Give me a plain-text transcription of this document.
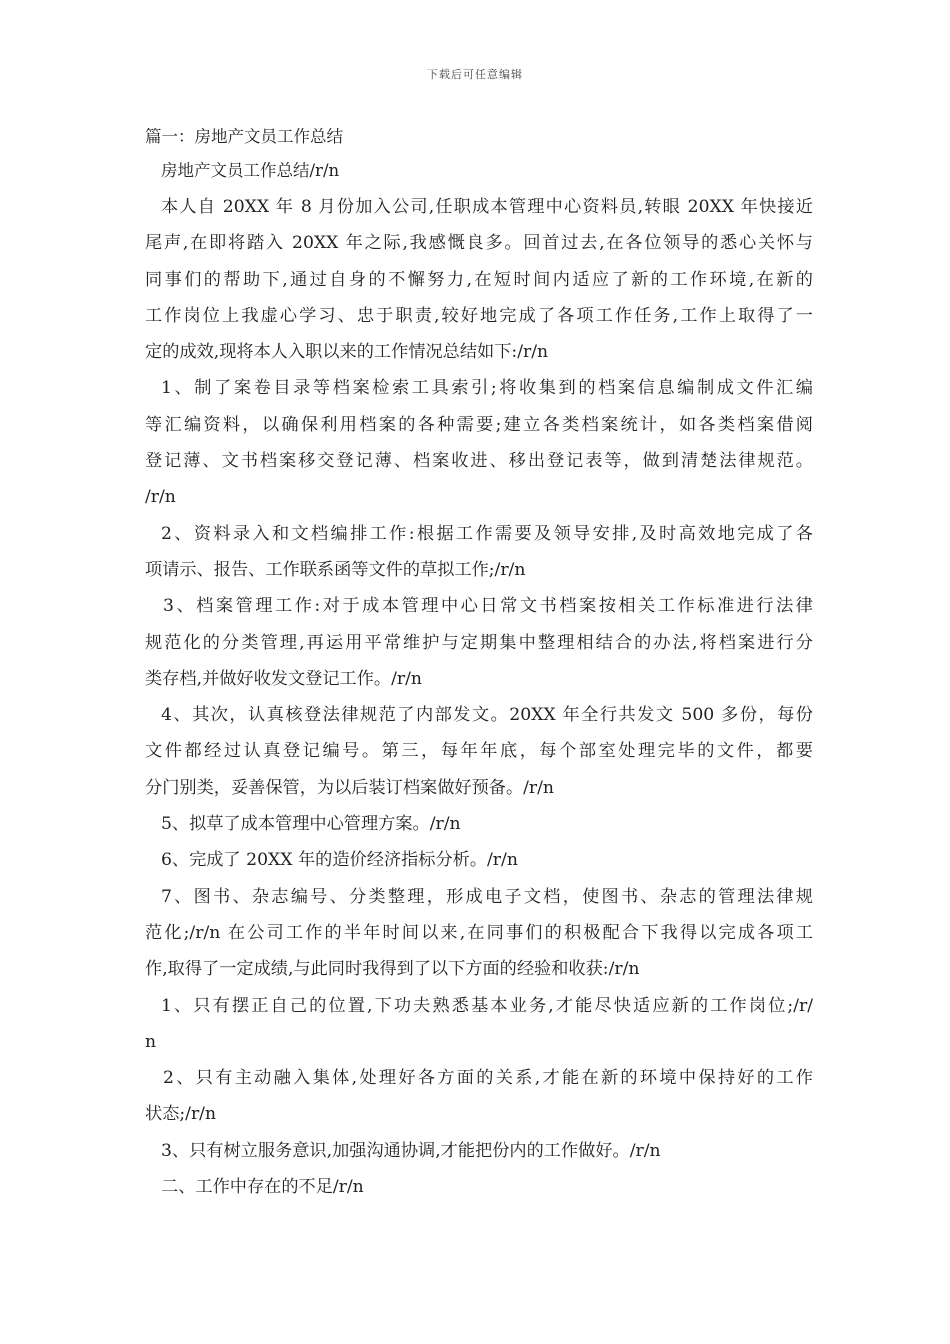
下载后可任意编辑
篇一：房地产文员工作总结
房地产文员工作总结/r/n
本人自 20XX 年 8 月份加入公司,任职成本管理中心资料员,转眼 20XX 年快接近
尾声,在即将踏入 20XX 年之际,我感慨良多。回首过去,在各位领导的悉心关怀与
同事们的帮助下,通过自身的不懈努力,在短时间内适应了新的工作环境,在新的
工作岗位上我虚心学习、忠于职责,较好地完成了各项工作任务,工作上取得了一
定的成效,现将本人入职以来的工作情况总结如下:/r/n
1、制了案卷目录等档案检索工具索引;将收集到的档案信息编制成文件汇编
等汇编资料，以确保利用档案的各种需要;建立各类档案统计，如各类档案借阅
登记薄、文书档案移交登记薄、档案收进、移出登记表等，做到清楚法律规范。
/r/n
2、资料录入和文档编排工作:根据工作需要及领导安排,及时高效地完成了各
项请示、报告、工作联系函等文件的草拟工作;/r/n
3、档案管理工作:对于成本管理中心日常文书档案按相关工作标准进行法律
规范化的分类管理,再运用平常维护与定期集中整理相结合的办法,将档案进行分
类存档,并做好收发文登记工作。/r/n
4、其次，认真核登法律规范了内部发文。20XX 年全行共发文 500 多份，每份
文件都经过认真登记编号。第三，每年年底，每个部室处理完毕的文件，都要
分门别类，妥善保管，为以后装订档案做好预备。/r/n
5、拟草了成本管理中心管理方案。/r/n
6、完成了 20XX 年的造价经济指标分析。/r/n
7、图书、杂志编号、分类整理，形成电子文档，使图书、杂志的管理法律规
范化;/r/n 在公司工作的半年时间以来,在同事们的积极配合下我得以完成各项工
作,取得了一定成绩,与此同时我得到了以下方面的经验和收获:/r/n
1、只有摆正自己的位置,下功夫熟悉基本业务,才能尽快适应新的工作岗位;/r/
n
2、只有主动融入集体,处理好各方面的关系,才能在新的环境中保持好的工作
状态;/r/n
3、只有树立服务意识,加强沟通协调,才能把份内的工作做好。/r/n
二、工作中存在的不足/r/n
